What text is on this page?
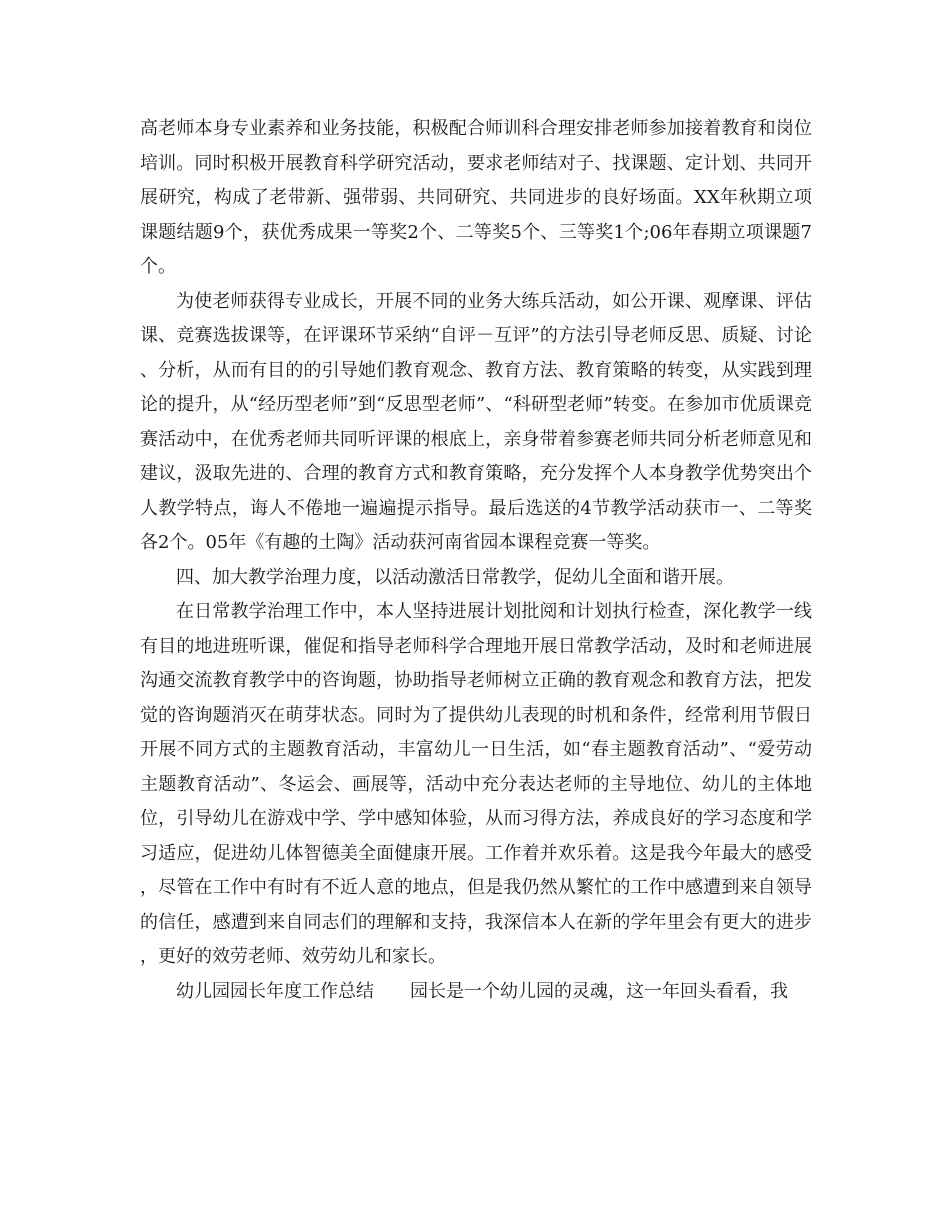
高老师本身专业素养和业务技能，积极配合师训科合理安排老师参加接着教育和岗位培训。同时积极开展教育科学研究活动，要求老师结对子、找课题、定计划、共同开展研究，构成了老带新、强带弱、共同研究、共同进步的良好场面。XX年秋期立项课题结题9个，获优秀成果一等奖2个、二等奖5个、三等奖1个;06年春期立项课题7个。

为使老师获得专业成长，开展不同的业务大练兵活动，如公开课、观摩课、评估课、竞赛选拔课等，在评课环节采纳“自评－互评”的方法引导老师反思、质疑、讨论、分析，从而有目的的引导她们教育观念、教育方法、教育策略的转变，从实践到理论的提升，从“经历型老师”到“反思型老师”、“科研型老师”转变。在参加市优质课竞赛活动中，在优秀老师共同听评课的根底上，亲身带着参赛老师共同分析老师意见和建议，汲取先进的、合理的教育方式和教育策略，充分发挥个人本身教学优势突出个人教学特点，诲人不倦地一遍遍提示指导。最后选送的4节教学活动获市一、二等奖各2个。05年《有趣的土陶》活动获河南省园本课程竞赛一等奖。

四、加大教学治理力度，以活动激活日常教学，促幼儿全面和谐开展。

在日常教学治理工作中，本人坚持进展计划批阅和计划执行检查，深化教学一线有目的地进班听课，催促和指导老师科学合理地开展日常教学活动，及时和老师进展沟通交流教育教学中的咨询题，协助指导老师树立正确的教育观念和教育方法，把发觉的咨询题消灭在萌芽状态。同时为了提供幼儿表现的时机和条件，经常利用节假日开展不同方式的主题教育活动，丰富幼儿一日生活，如“春主题教育活动”、“爱劳动主题教育活动”、冬运会、画展等，活动中充分表达老师的主导地位、幼儿的主体地位，引导幼儿在游戏中学、学中感知体验，从而习得方法，养成良好的学习态度和学习适应，促进幼儿体智德美全面健康开展。工作着并欢乐着。这是我今年最大的感受，尽管在工作中有时有不近人意的地点，但是我仍然从繁忙的工作中感遭到来自领导的信任，感遭到来自同志们的理解和支持，我深信本人在新的学年里会有更大的进步，更好的效劳老师、效劳幼儿和家长。

幼儿园园长年度工作总结　　园长是一个幼儿园的灵魂，这一年回头看看，我
